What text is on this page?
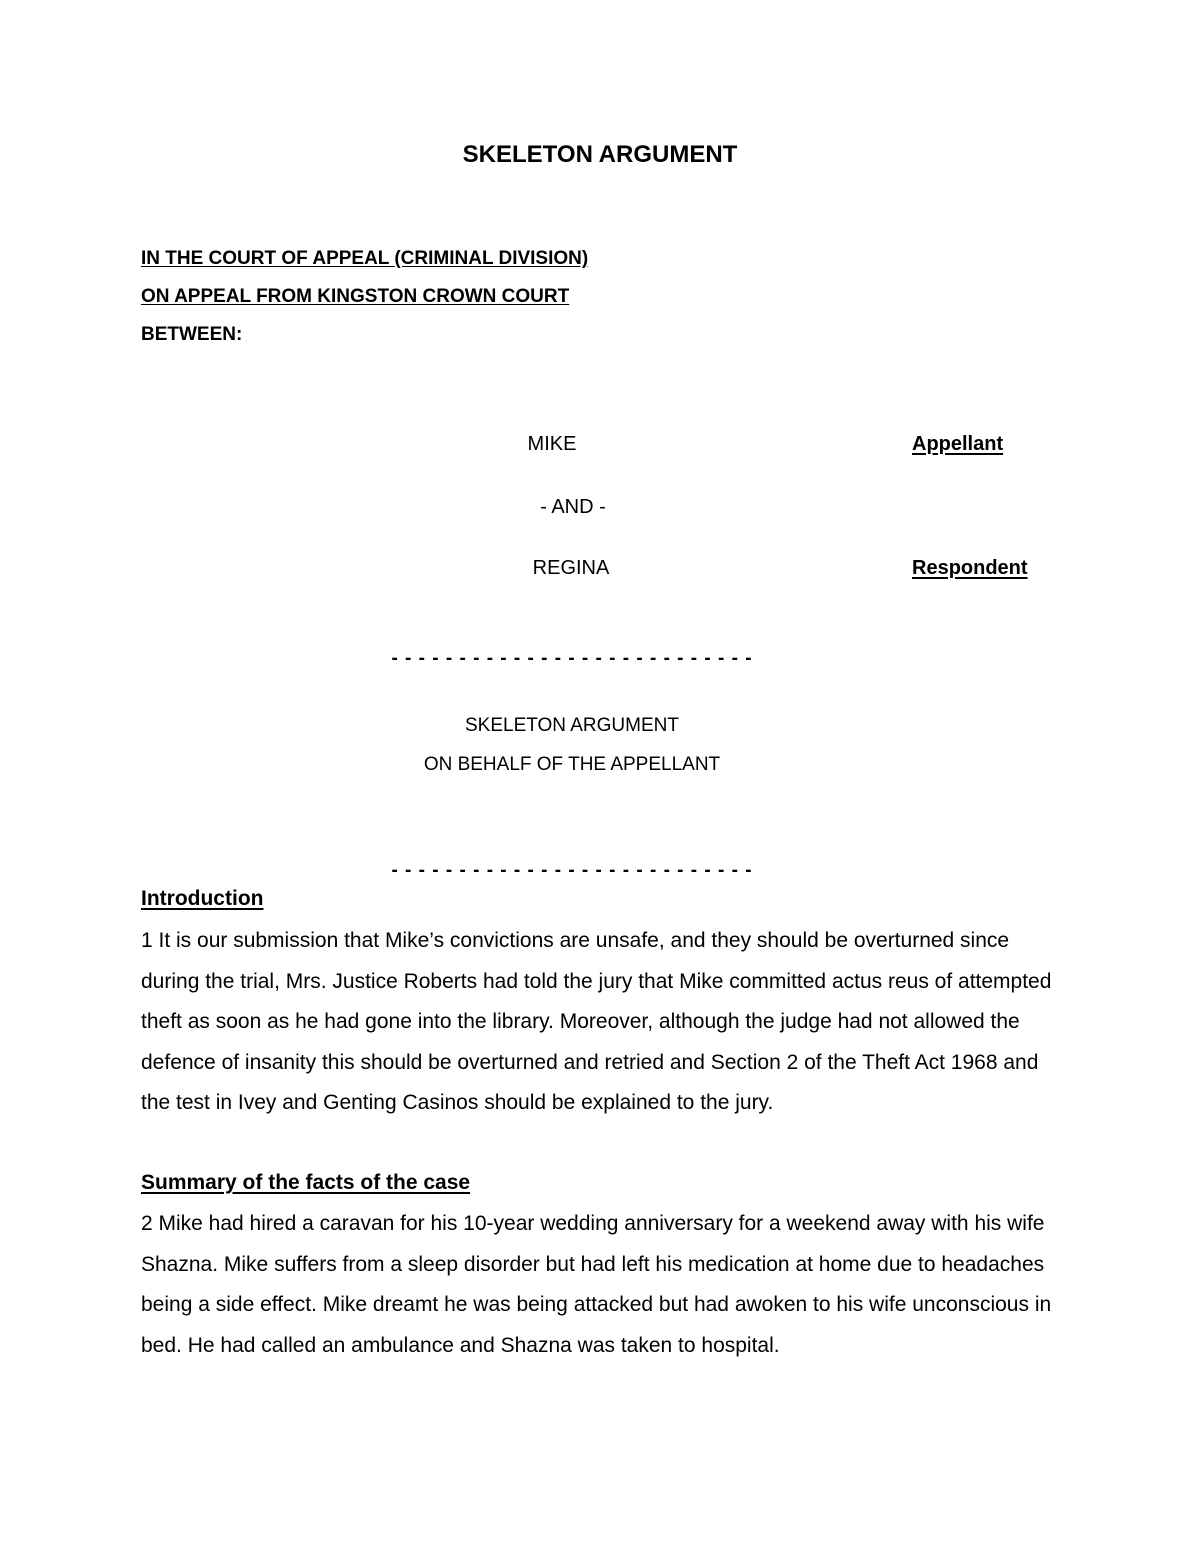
SKELETON ARGUMENT
IN THE COURT OF APPEAL (CRIMINAL DIVISION)
ON APPEAL FROM KINGSTON CROWN COURT
BETWEEN:
MIKE	Appellant
- AND -
REGINA	Respondent
- - - - - - - - - - - - - - - - - - - - - - - - - - -
SKELETON ARGUMENT
ON BEHALF OF THE APPELLANT
- - - - - - - - - - - - - - - - - - - - - - - - - - -
Introduction
1 It is our submission that Mike’s convictions are unsafe, and they should be overturned since during the trial, Mrs. Justice Roberts had told the jury that Mike committed actus reus of attempted theft as soon as he had gone into the library. Moreover, although the judge had not allowed the defence of insanity this should be overturned and retried and Section 2 of the Theft Act 1968 and the test in Ivey and Genting Casinos should be explained to the jury.
Summary of the facts of the case
2 Mike had hired a caravan for his 10-year wedding anniversary for a weekend away with his wife Shazna. Mike suffers from a sleep disorder but had left his medication at home due to headaches being a side effect. Mike dreamt he was being attacked but had awoken to his wife unconscious in bed. He had called an ambulance and Shazna was taken to hospital.
